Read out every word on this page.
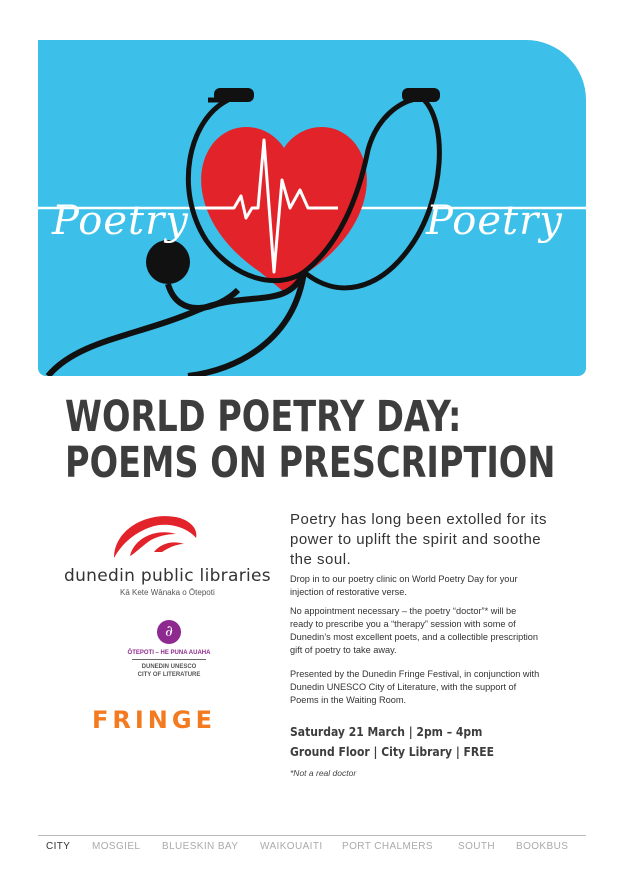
Poetry	Poetry
WORLD POETRY DAY:
POEMS ON PRESCRIPTION
dunedin public libraries
Kā Kete Wānaka o Ōtepoti
∂
ŌTEPOTI – HE PUNA AUAHA
DUNEDIN UNESCO
CITY OF LITERATURE
FRINGE
Poetry has long been extolled for its power to uplift the spirit and soothe the soul.
Drop in to our poetry clinic on World Poetry Day for your injection of restorative verse.
No appointment necessary – the poetry “doctor”* will be ready to prescribe you a “therapy” session with some of Dunedin’s most excellent poets, and a collectible prescription gift of poetry to take away.
Presented by the Dunedin Fringe Festival, in conjunction with Dunedin UNESCO City of Literature, with the support of Poems in the Waiting Room.
Saturday 21 March | 2pm – 4pm
Ground Floor | City Library | FREE
*Not a real doctor
CITY MOSGIEL BLUESKIN BAY WAIKOUAITI PORT CHALMERS	SOUTH BOOKBUS
